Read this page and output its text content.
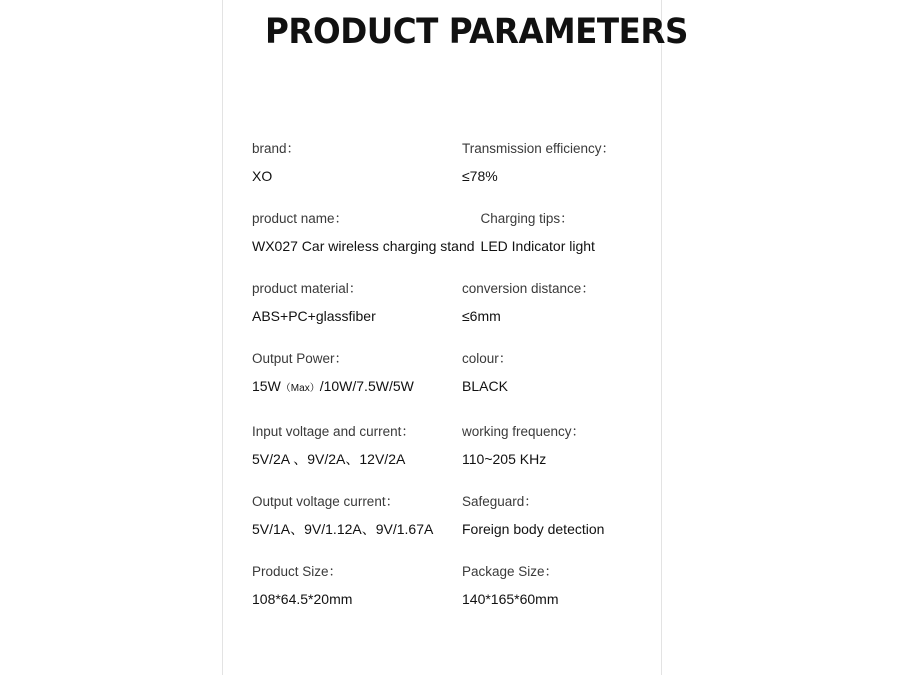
PRODUCT PARAMETERS
brand：
XO
Transmission efficiency：
≤78%
product name：
WX027 Car wireless charging stand
Charging tips：
LED Indicator light
product material：
ABS+PC+glassfiber
conversion distance：
≤6mm
Output Power：
15W（Max）/10W/7.5W/5W
colour：
BLACK
Input voltage and current：
5V/2A 、9V/2A、12V/2A
working frequency：
110~205 KHz
Output voltage current：
5V/1A、9V/1.12A、9V/1.67A
Safeguard：
Foreign body detection
Product Size：
108*64.5*20mm
Package Size：
140*165*60mm
